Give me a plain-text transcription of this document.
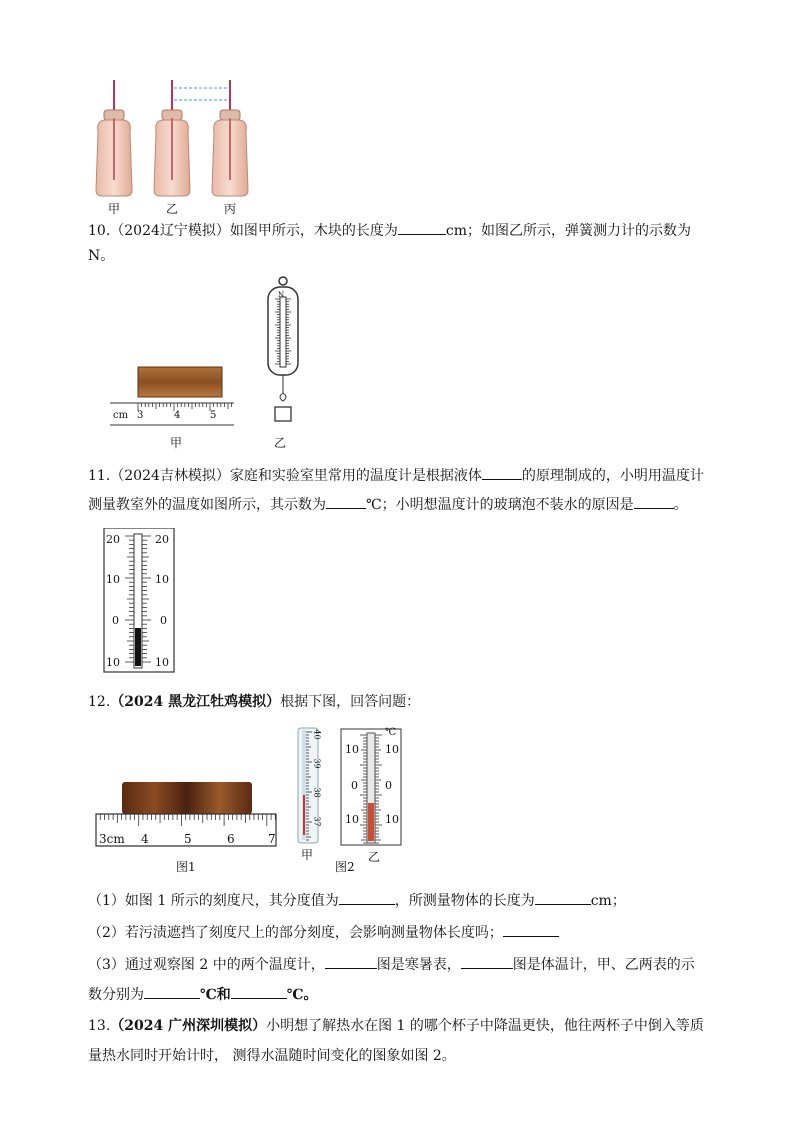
甲	乙	丙
10.（2024辽宁模拟）如图甲所示，木块的长度为	cm；如图乙所示，弹簧测力计的示数为
N。
cm 3	4	5
甲	乙
N
11.（2024吉林模拟）家庭和实验室里常用的温度计是根据液体	的原理制成的，小明用温度计
测量教室外的温度如图所示，其示数为	℃；小明想温度计的玻璃泡不装水的原因是	。
20	20
10	10
0	0
10	10
12.（2024 黑龙江牡鸡模拟）根据下图，回答问题：
3cm 4	5	6	7
图1
40
39
38
37
℃
10 10
0 0
10 10
甲	乙
图2
（1）如图 1 所示的刻度尺，其分度值为	，所测量物体的长度为	cm；
（2）若污渍遮挡了刻度尺上的部分刻度，会影响测量物体长度吗；
（3）通过观察图 2 中的两个温度计，	图是寒暑表，	图是体温计，甲、乙两表的示
数分别为	℃和	℃。
13.（2024 广州深圳模拟）小明想了解热水在图 1 的哪个杯子中降温更快，他往两杯子中倒入等质
量热水同时开始计时， 测得水温随时间变化的图象如图 2。
